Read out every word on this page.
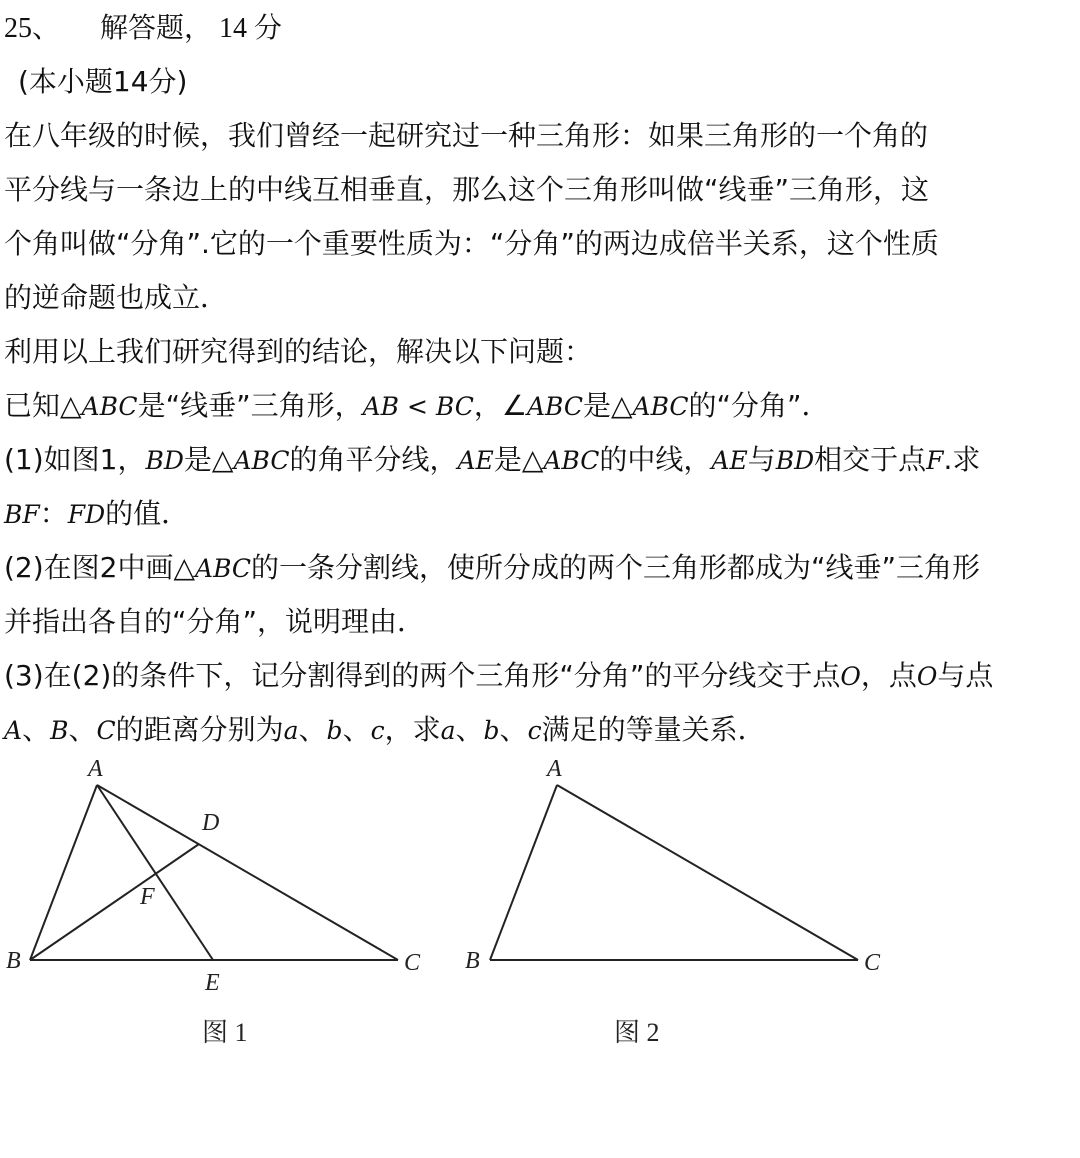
25、 解答题， 14 分
(本小题14分)
在八年级的时候，我们曾经一起研究过一种三角形：如果三角形的一个角的
平分线与一条边上的中线互相垂直，那么这个三角形叫做“线垂”三角形，这
个角叫做“分角”.它的一个重要性质为：“分角”的两边成倍半关系，这个性质
的逆命题也成立．
利用以上我们研究得到的结论，解决以下问题：
已知△ABC是“线垂”三角形，AB < BC，∠ABC是△ABC的“分角”．
(1)如图1，BD是△ABC的角平分线，AE是△ABC的中线，AE与BD相交于点F.求
BF：FD的值．
(2)在图2中画△ABC的一条分割线，使所分成的两个三角形都成为“线垂”三角形
并指出各自的“分角”，说明理由．
(3)在(2)的条件下，记分割得到的两个三角形“分角”的平分线交于点O，点O与点
A、B、C的距离分别为a、b、c，求a、b、c满足的等量关系．
A
B	C
D
E
F
A
B	C
图 1	图 2
